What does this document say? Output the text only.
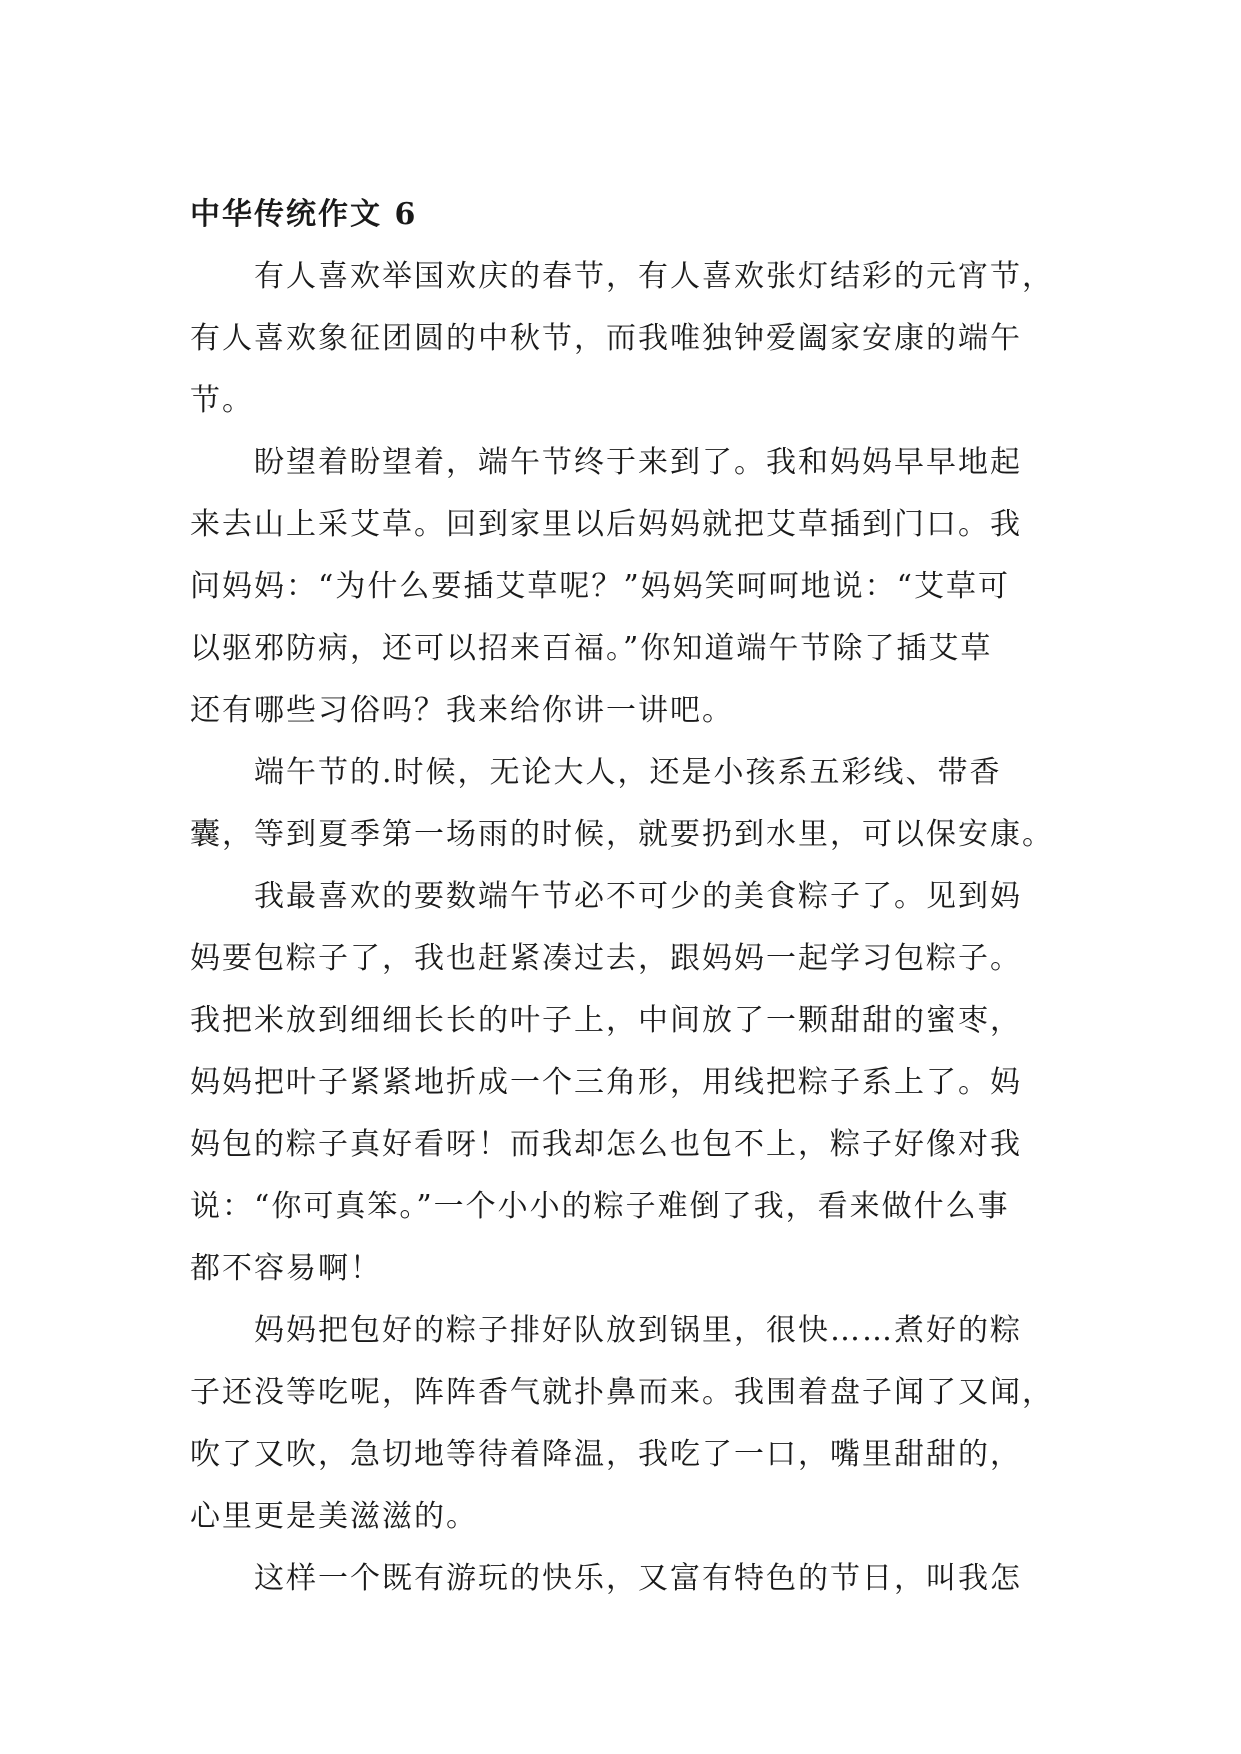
中华传统作文 6

有人喜欢举国欢庆的春节，有人喜欢张灯结彩的元宵节，
有人喜欢象征团圆的中秋节，而我唯独钟爱阖家安康的端午
节。

盼望着盼望着，端午节终于来到了。我和妈妈早早地起
来去山上采艾草。回到家里以后妈妈就把艾草插到门口。我
问妈妈：“为什么要插艾草呢？”妈妈笑呵呵地说：“艾草可
以驱邪防病，还可以招来百福。”你知道端午节除了插艾草
还有哪些习俗吗？我来给你讲一讲吧。

端午节的.时候，无论大人，还是小孩系五彩线、带香
囊，等到夏季第一场雨的时候，就要扔到水里，可以保安康。

我最喜欢的要数端午节必不可少的美食粽子了。见到妈
妈要包粽子了，我也赶紧凑过去，跟妈妈一起学习包粽子。
我把米放到细细长长的叶子上，中间放了一颗甜甜的蜜枣，
妈妈把叶子紧紧地折成一个三角形，用线把粽子系上了。妈
妈包的粽子真好看呀！而我却怎么也包不上，粽子好像对我
说：“你可真笨。”一个小小的粽子难倒了我，看来做什么事
都不容易啊！

妈妈把包好的粽子排好队放到锅里，很快……煮好的粽
子还没等吃呢，阵阵香气就扑鼻而来。我围着盘子闻了又闻，
吹了又吹，急切地等待着降温，我吃了一口，嘴里甜甜的，
心里更是美滋滋的。

这样一个既有游玩的快乐，又富有特色的节日，叫我怎
